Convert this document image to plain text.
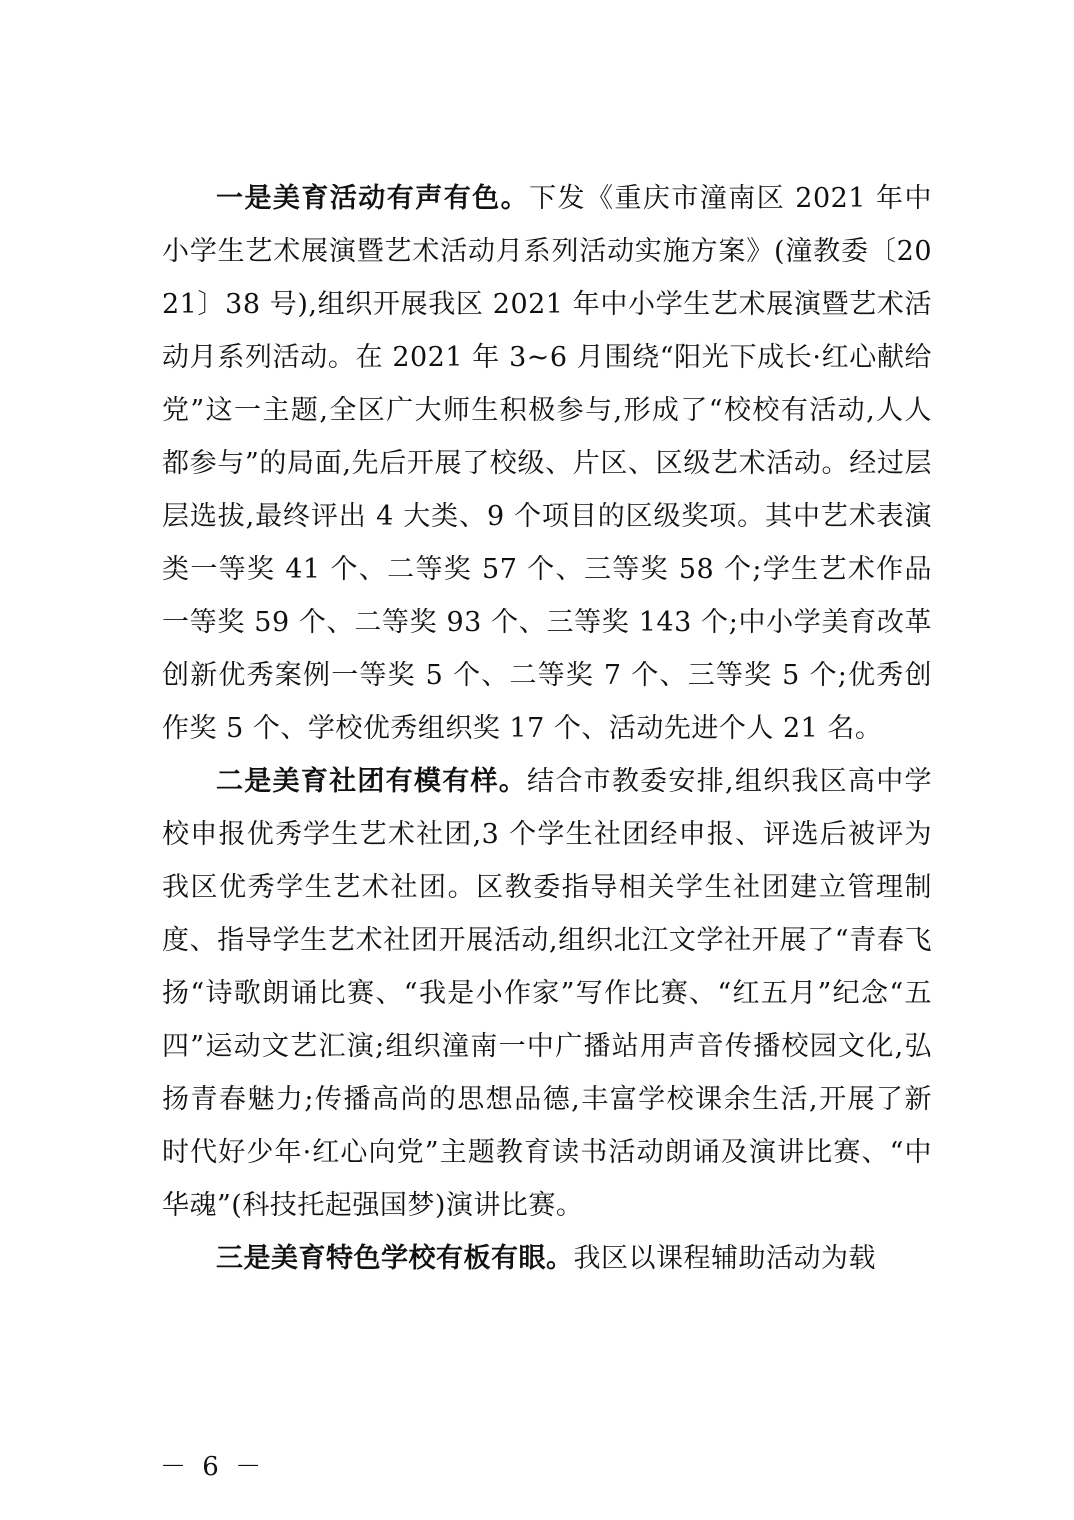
一是美育活动有声有色。下发《重庆市潼南区 2021 年中小学生艺术展演暨艺术活动月系列活动实施方案》(潼教委〔2021〕38 号),组织开展我区 2021 年中小学生艺术展演暨艺术活动月系列活动。在 2021 年 3~6 月围绕“阳光下成长·红心献给党”这一主题,全区广大师生积极参与,形成了“校校有活动,人人都参与”的局面,先后开展了校级、片区、区级艺术活动。经过层层选拔,最终评出 4 大类、9 个项目的区级奖项。其中艺术表演类一等奖 41 个、二等奖 57 个、三等奖 58 个;学生艺术作品一等奖 59 个、二等奖 93 个、三等奖 143 个;中小学美育改革创新优秀案例一等奖 5 个、二等奖 7 个、三等奖 5 个;优秀创作奖 5 个、学校优秀组织奖 17 个、活动先进个人 21 名。

二是美育社团有模有样。结合市教委安排,组织我区高中学校申报优秀学生艺术社团,3 个学生社团经申报、评选后被评为我区优秀学生艺术社团。区教委指导相关学生社团建立管理制度、指导学生艺术社团开展活动,组织北江文学社开展了“青春飞扬“诗歌朗诵比赛、“我是小作家”写作比赛、“红五月”纪念“五四”运动文艺汇演;组织潼南一中广播站用声音传播校园文化,弘扬青春魅力;传播高尚的思想品德,丰富学校课余生活,开展了新时代好少年·红心向党”主题教育读书活动朗诵及演讲比赛、“中华魂”(科技托起强国梦)演讲比赛。

三是美育特色学校有板有眼。我区以课程辅助活动为载

－ 6 －
